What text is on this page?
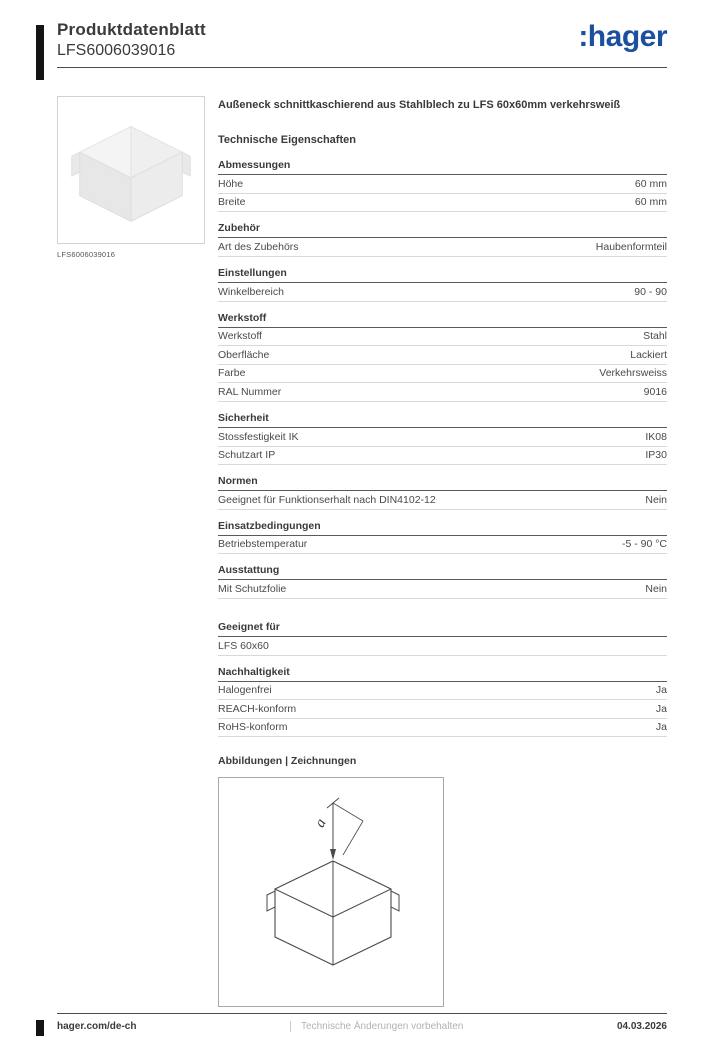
Produktdatenblatt
LFS6006039016	:hager
LFS6006039016

Außeneck schnittkaschierend aus Stahlblech zu LFS 60x60mm verkehrsweiß

Technische Eigenschaften
Abmessungen
Höhe	60 mm
Breite	60 mm
Zubehör
Art des Zubehörs	Haubenformteil
Einstellungen
Winkelbereich	90 - 90
Werkstoff
Werkstoff	Stahl
Oberfläche	Lackiert
Farbe	Verkehrsweiss
RAL Nummer	9016
Sicherheit
Stossfestigkeit IK	IK08
Schutzart IP	IP30
Normen
Geeignet für Funktionserhalt nach DIN4102-12	Nein
Einsatzbedingungen
Betriebstemperatur	-5 - 90 °C
Ausstattung
Mit Schutzfolie	Nein
Geeignet für
LFS 60x60
Nachhaltigkeit
Halogenfrei	Ja
REACH-konform	Ja
RoHS-konform	Ja
Abbildungen | Zeichnungen
a
hager.com/de-ch	Technische Änderungen vorbehalten	04.03.2026
